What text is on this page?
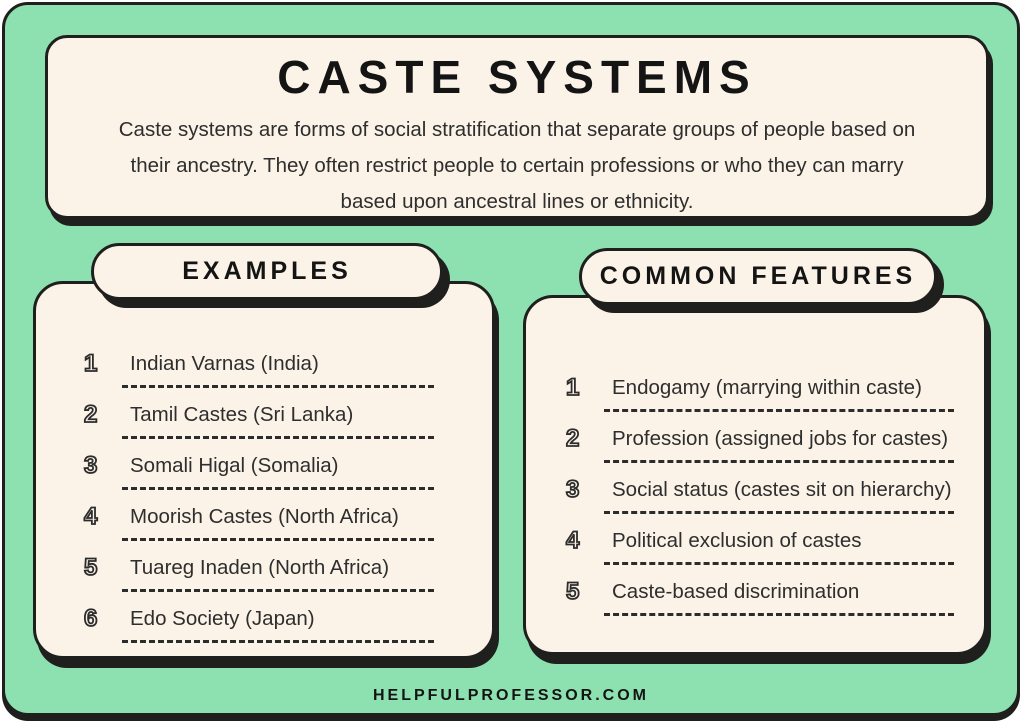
CASTE SYSTEMS
Caste systems are forms of social stratification that separate groups of people based on
their ancestry. They often restrict people to certain professions or who they can marry
based upon ancestral lines or ethnicity.
EXAMPLES
1	Indian Varnas (India)
2	Tamil Castes (Sri Lanka)
3	Somali Higal (Somalia)
4	Moorish Castes (North Africa)
5	Tuareg Inaden (North Africa)
6	Edo Society (Japan)
COMMON FEATURES
1	Endogamy (marrying within caste)
2	Profession (assigned jobs for castes)
3	Social status (castes sit on hierarchy)
4	Political exclusion of castes
5	Caste-based discrimination
HELPFULPROFESSOR.COM
